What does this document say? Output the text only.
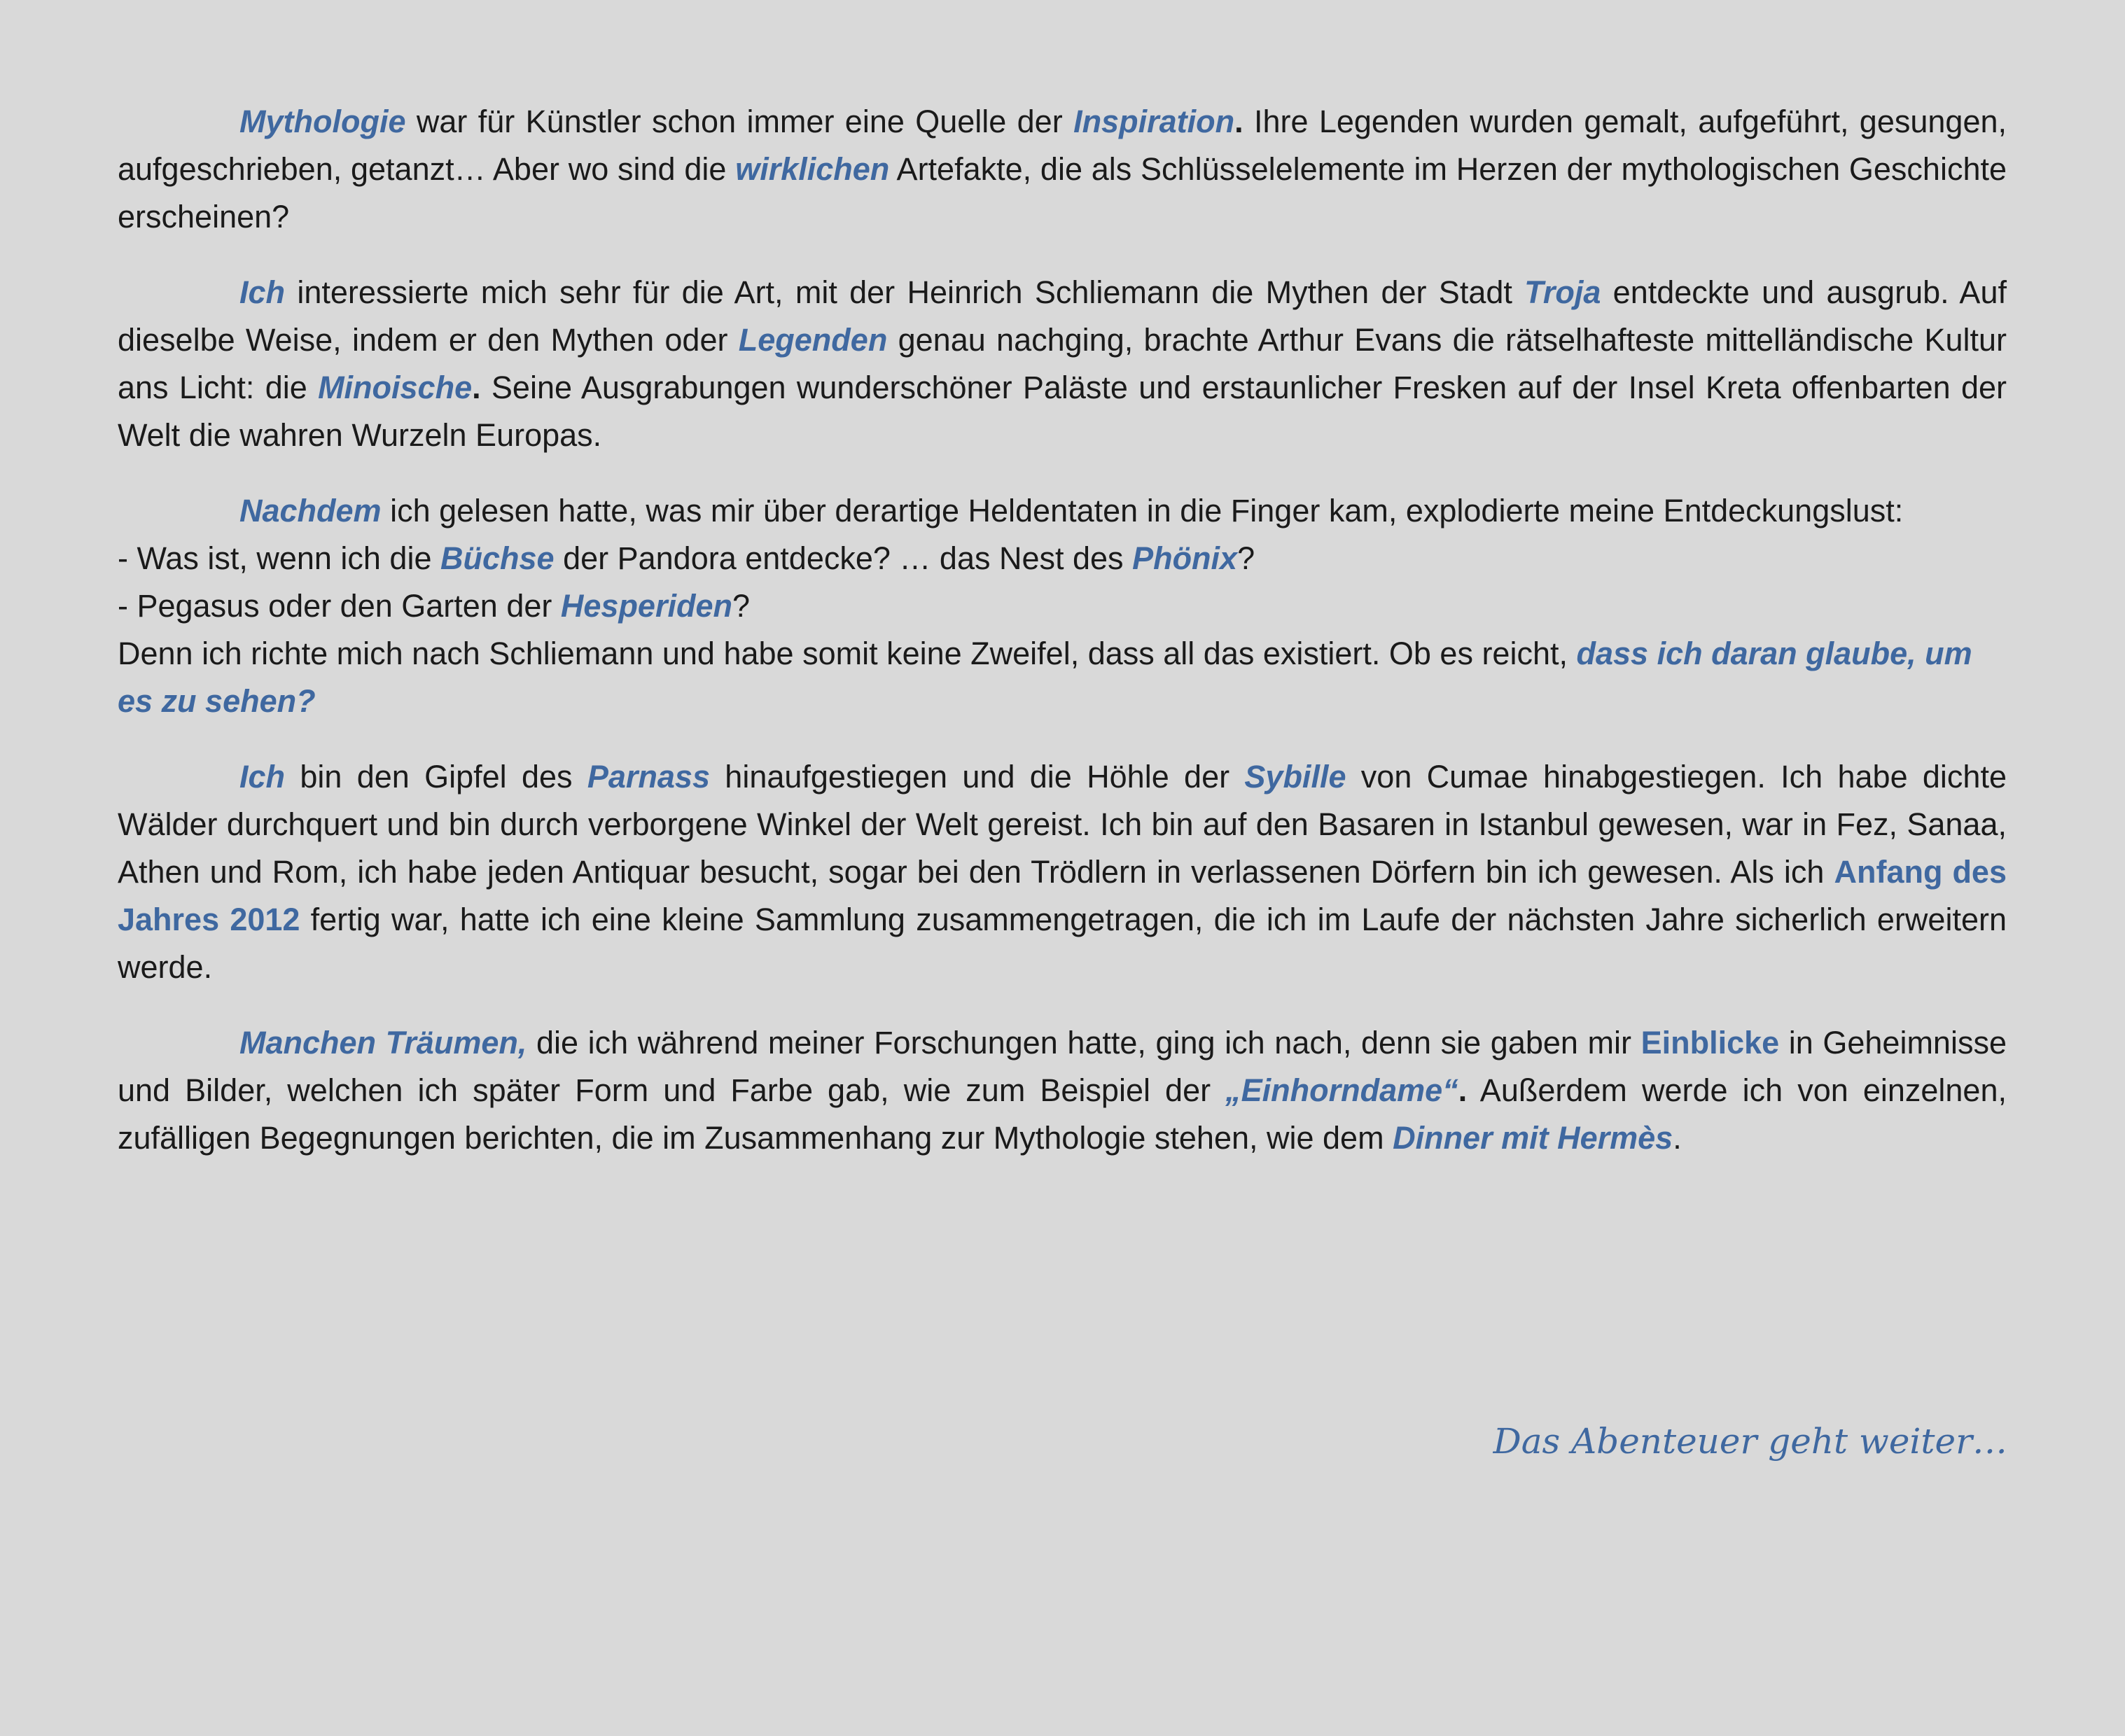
Mythologie war für Künstler schon immer eine Quelle der Inspiration. Ihre Legenden wurden gemalt, aufgeführt, gesungen, aufgeschrieben, getanzt… Aber wo sind die wirklichen Artefakte, die als Schlüsselelemente im Herzen der mythologischen Geschichte erscheinen?

Ich interessierte mich sehr für die Art, mit der Heinrich Schliemann die Mythen der Stadt Troja entdeckte und ausgrub. Auf dieselbe Weise, indem er den Mythen oder Legenden genau nachging, brachte Arthur Evans die rätselhafteste mittelländische Kultur ans Licht: die Minoische. Seine Ausgrabungen wunderschöner Paläste und erstaunlicher Fresken auf der Insel Kreta offenbarten der Welt die wahren Wurzeln Europas.

Nachdem ich gelesen hatte, was mir über derartige Heldentaten in die Finger kam, explodierte meine Entdeckungslust:
- Was ist, wenn ich die Büchse der Pandora entdecke? … das Nest des Phönix?
- Pegasus oder den Garten der Hesperiden?
Denn ich richte mich nach Schliemann und habe somit keine Zweifel, dass all das existiert. Ob es reicht, dass ich daran glaube, um es zu sehen?

Ich bin den Gipfel des Parnass hinaufgestiegen und die Höhle der Sybille von Cumae hinabgestiegen. Ich habe dichte Wälder durchquert und bin durch verborgene Winkel der Welt gereist. Ich bin auf den Basaren in Istanbul gewesen, war in Fez, Sanaa, Athen und Rom, ich habe jeden Antiquar besucht, sogar bei den Trödlern in verlassenen Dörfern bin ich gewesen. Als ich Anfang des Jahres 2012 fertig war, hatte ich eine kleine Sammlung zusammengetragen, die ich im Laufe der nächsten Jahre sicherlich erweitern werde.

Manchen Träumen, die ich während meiner Forschungen hatte, ging ich nach, denn sie gaben mir Einblicke in Geheimnisse und Bilder, welchen ich später Form und Farbe gab, wie zum Beispiel der „Einhorndame“. Außerdem werde ich von einzelnen, zufälligen Begegnungen berichten, die im Zusammenhang zur Mythologie stehen, wie dem Dinner mit Hermès.

Das Abenteuer geht weiter…
